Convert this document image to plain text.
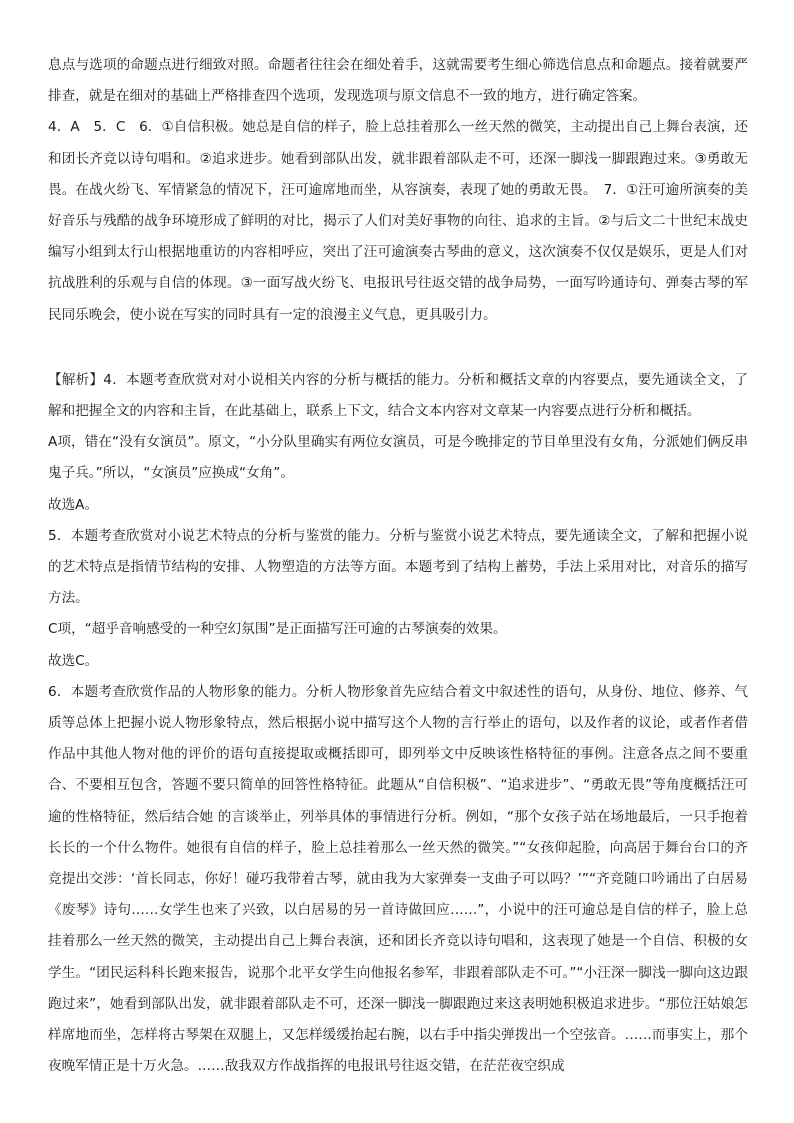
息点与选项的命题点进行细致对照。命题者往往会在细处着手，这就需要考生细心筛选信息点和命题点。接着就要严排查，就是在细对的基础上严格排查四个选项，发现选项与原文信息不一致的地方，进行确定答案。

4．A　5．C　6．①自信积极。她总是自信的样子，脸上总挂着那么一丝天然的微笑，主动提出自己上舞台表演，还和团长齐竞以诗句唱和。②追求进步。她看到部队出发，就非跟着部队走不可，还深一脚浅一脚跟跑过来。③勇敢无畏。在战火纷飞、军情紧急的情况下，汪可逾席地而坐，从容演奏，表现了她的勇敢无畏。　7．①汪可逾所演奏的美好音乐与残酷的战争环境形成了鲜明的对比，揭示了人们对美好事物的向往、追求的主旨。②与后文二十世纪末战史编写小组到太行山根据地重访的内容相呼应，突出了汪可逾演奏古琴曲的意义，这次演奏不仅仅是娱乐，更是人们对抗战胜利的乐观与自信的体现。③一面写战火纷飞、电报讯号往返交错的战争局势，一面写吟通诗句、弹奏古琴的军民同乐晚会，使小说在写实的同时具有一定的浪漫主义气息，更具吸引力。

【解析】4．本题考查欣赏对对小说相关内容的分析与概括的能力。分析和概括文章的内容要点，要先通读全文，了解和把握全文的内容和主旨，在此基础上，联系上下文，结合文本内容对文章某一内容要点进行分析和概括。

A项，错在“没有女演员”。原文，“小分队里确实有两位女演员，可是今晚排定的节目单里没有女角，分派她们俩反串鬼子兵。”所以，“女演员”应换成“女角”。

故选A。

5．本题考查欣赏对小说艺术特点的分析与鉴赏的能力。分析与鉴赏小说艺术特点，要先通读全文，了解和把握小说的艺术特点是指情节结构的安排、人物塑造的方法等方面。本题考到了结构上蓄势，手法上采用对比，对音乐的描写方法。

C项，“超乎音响感受的一种空幻氛围”是正面描写汪可逾的古琴演奏的效果。

故选C。

6．本题考查欣赏作品的人物形象的能力。分析人物形象首先应结合着文中叙述性的语句，从身份、地位、修养、气质等总体上把握小说人物形象特点，然后根据小说中描写这个人物的言行举止的语句，以及作者的议论，或者作者借作品中其他人物对他的评价的语句直接提取或概括即可，即列举文中反映该性格特征的事例。注意各点之间不要重合、不要相互包含，答题不要只简单的回答性格特征。此题从“自信积极”、“追求进步”、“勇敢无畏”等角度概括汪可逾的性格特征，然后结合她 的言谈举止，列举具体的事情进行分析。例如，“那个女孩子站在场地最后，一只手抱着长长的一个什么物件。她很有自信的样子，脸上总挂着那么一丝天然的微笑。”“女孩仰起脸，向高居于舞台台口的齐竞提出交涉：‘首长同志，你好！碰巧我带着古琴，就由我为大家弹奏一支曲子可以吗？’”“齐竞随口吟诵出了白居易《废琴》诗句……女学生也来了兴致，以白居易的另一首诗做回应……”，小说中的汪可逾总是自信的样子，脸上总挂着那么一丝天然的微笑，主动提出自己上舞台表演，还和团长齐竞以诗句唱和，这表现了她是一个自信、积极的女学生。“团民运科科长跑来报告，说那个北平女学生向他报名参军，非跟着部队走不可。”“小汪深一脚浅一脚向这边跟跑过来”，她看到部队出发，就非跟着部队走不可，还深一脚浅一脚跟跑过来这表明她积极追求进步。“那位汪姑娘怎样席地而坐，怎样将古琴架在双腿上，又怎样缓缓抬起右腕，以右手中指尖弹拨出一个空弦音。……而事实上，那个夜晚军情正是十万火急。……敌我双方作战指挥的电报讯号往返交错，在茫茫夜空织成
